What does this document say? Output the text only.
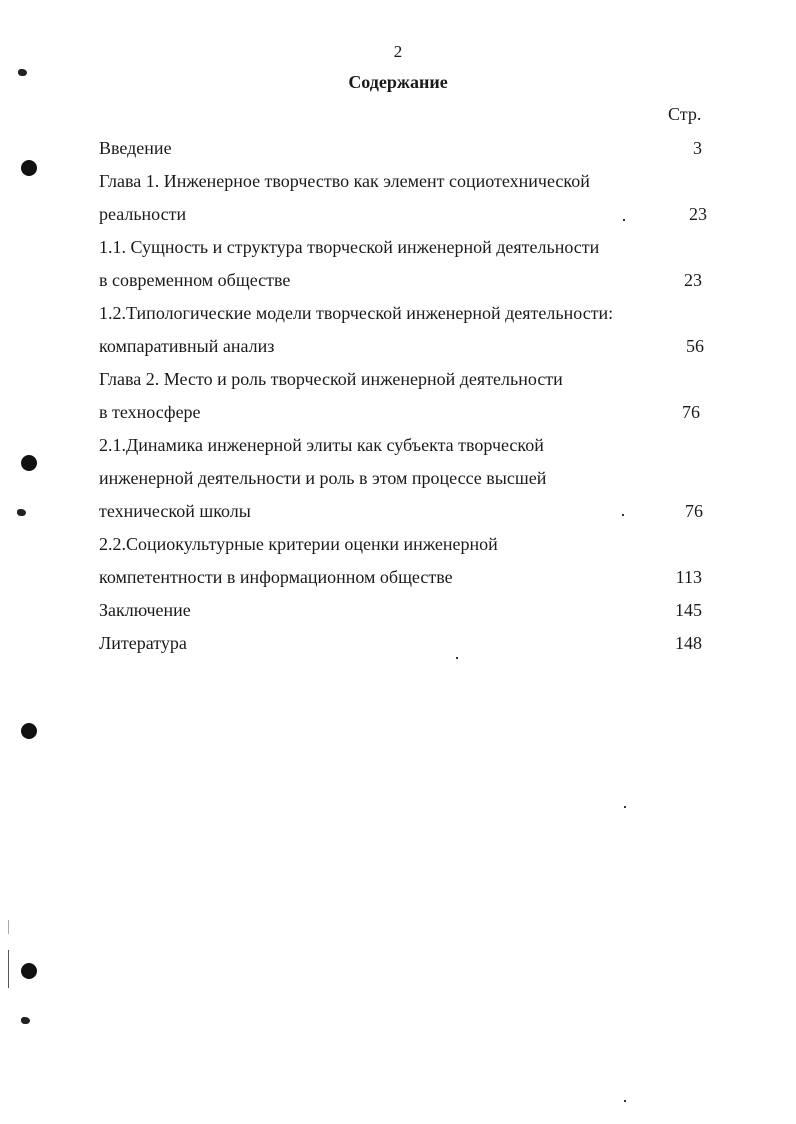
2
Содержание
Стр.
Введение	3
Глава 1. Инженерное творчество как элемент социотехнической
реальности	23
1.1. Сущность и структура творческой инженерной деятельности
в современном обществе	23
1.2.Типологические модели творческой инженерной деятельности:
компаративный анализ	56
Глава 2. Место и роль творческой инженерной деятельности
в техносфере	76
2.1.Динамика инженерной элиты как субъекта творческой
инженерной деятельности и роль в этом процессе высшей
технической школы	76
2.2.Социокультурные критерии оценки инженерной
компетентности в информационном обществе	113
Заключение	145
Литература	148
